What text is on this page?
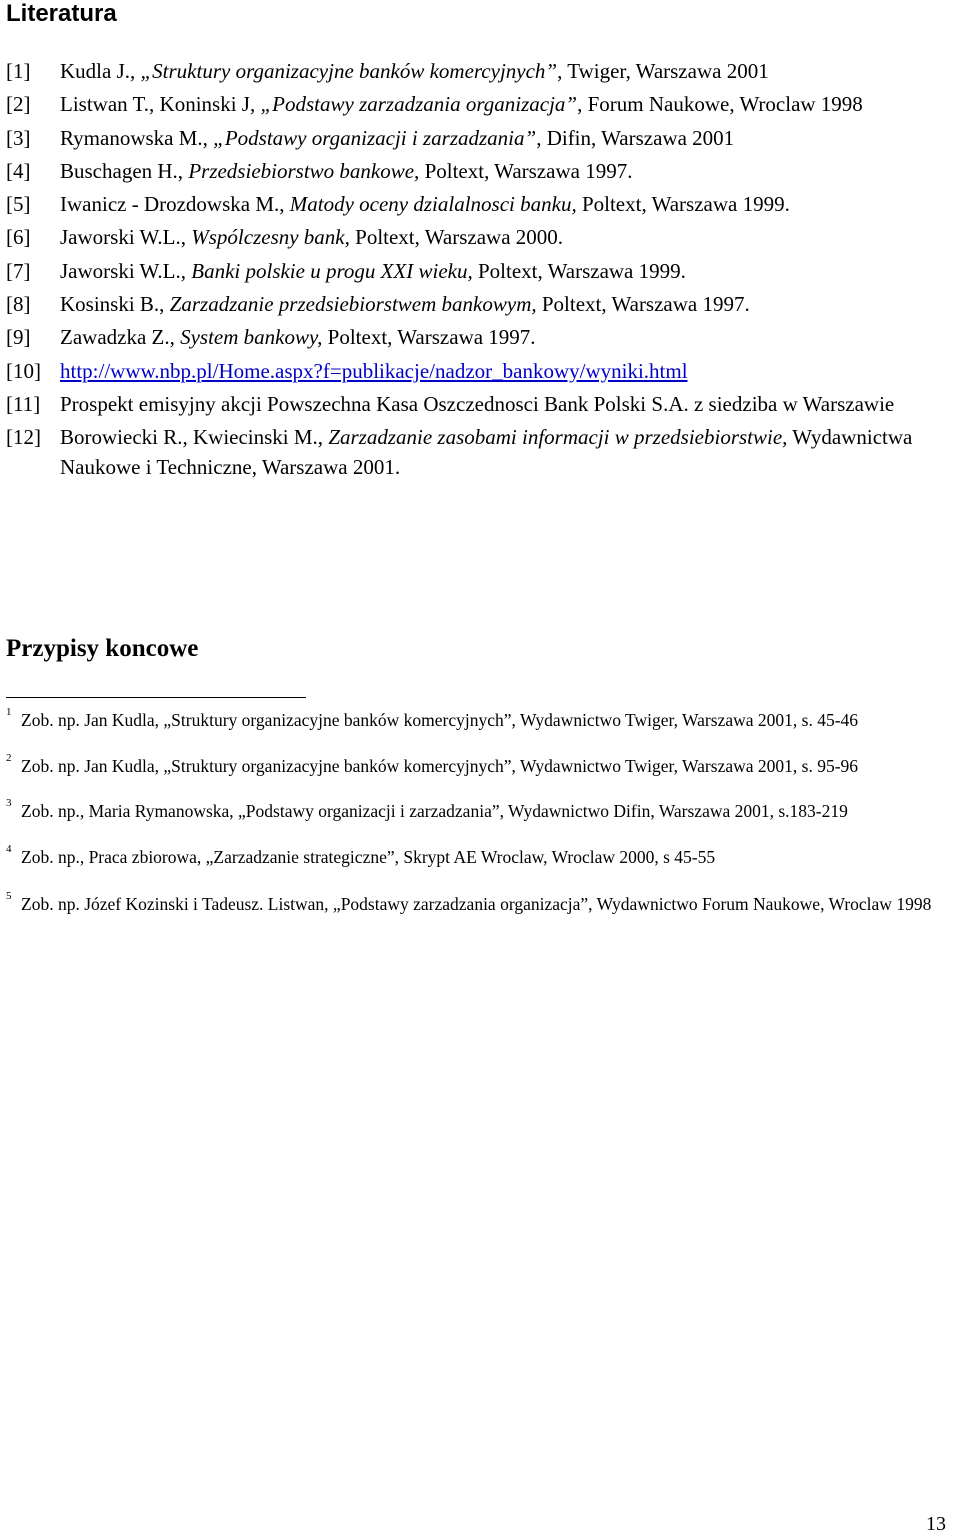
Literatura
[1] Kudla J., „Struktury organizacyjne banków komercyjnych”, Twiger, Warszawa 2001
[2] Listwan T., Koninski J, „Podstawy zarzadzania organizacja”, Forum Naukowe, Wroclaw 1998
[3] Rymanowska M., „Podstawy organizacji i zarzadzania”, Difin, Warszawa 2001
[4] Buschagen H., Przedsiebiorstwo bankowe, Poltext, Warszawa 1997.
[5] Iwanicz - Drozdowska M., Matody oceny dzialalnosci banku, Poltext, Warszawa 1999.
[6] Jaworski W.L., Wspólczesny bank, Poltext, Warszawa 2000.
[7] Jaworski W.L., Banki polskie u progu XXI wieku, Poltext, Warszawa 1999.
[8] Kosinski B., Zarzadzanie przedsiebiorstwem bankowym, Poltext, Warszawa 1997.
[9] Zawadzka Z., System bankowy, Poltext, Warszawa 1997.
[10] http://www.nbp.pl/Home.aspx?f=publikacje/nadzor_bankowy/wyniki.html
[11] Prospekt emisyjny akcji Powszechna Kasa Oszczednosci Bank Polski S.A. z siedziba w Warszawie
[12] Borowiecki R., Kwiecinski M., Zarzadzanie zasobami informacji w przedsiebiorstwie, Wydawnictwa Naukowe i Techniczne, Warszawa 2001.
Przypisy koncowe
1 Zob. np. Jan Kudla, „Struktury organizacyjne banków komercyjnych”, Wydawnictwo Twiger, Warszawa 2001, s. 45-46
2 Zob. np. Jan Kudla, „Struktury organizacyjne banków komercyjnych”, Wydawnictwo Twiger, Warszawa 2001, s. 95-96
3 Zob. np., Maria Rymanowska, „Podstawy organizacji i zarzadzania”, Wydawnictwo Difin, Warszawa 2001, s.183-219
4 Zob. np., Praca zbiorowa, „Zarzadzanie strategiczne”, Skrypt AE Wroclaw, Wroclaw 2000, s 45-55
5 Zob. np. Józef Kozinski i Tadeusz. Listwan, „Podstawy zarzadzania organizacja”, Wydawnictwo Forum Naukowe, Wroclaw 1998
13
